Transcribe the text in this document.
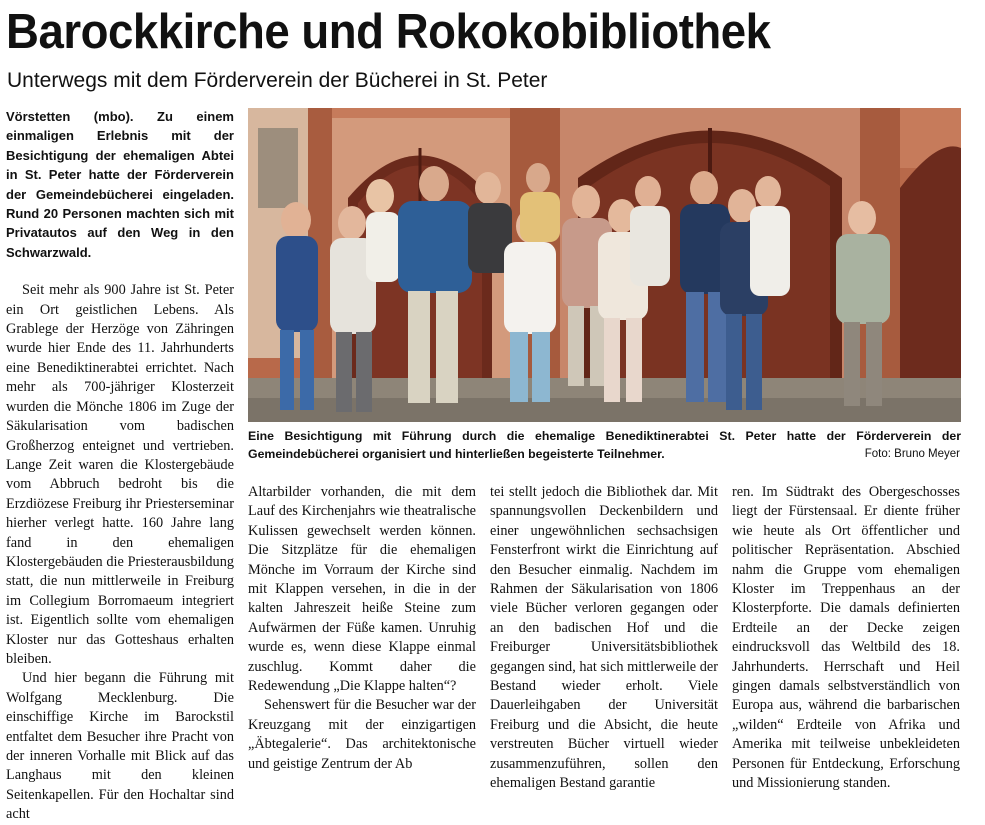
Barockkirche und Rokokobibliothek
Unterwegs mit dem Förderverein der Bücherei in St. Peter

Vörstetten (mbo). Zu einem einmaligen Erlebnis mit der Besichtigung der ehemaligen Abtei in St. Peter hatte der Förderverein der Gemeindebücherei eingeladen. Rund 20 Personen machten sich mit Privatautos auf den Weg in den Schwarzwald.

Seit mehr als 900 Jahre ist St. Peter ein Ort geistlichen Lebens. Als Grablege der Herzöge von Zähringen wurde hier Ende des 11. Jahrhunderts eine Benediktinerabtei errichtet. Nach mehr als 700-jähriger Klosterzeit wurden die Mönche 1806 im Zuge der Säkularisation vom badischen Großherzog enteignet und vertrieben. Lange Zeit waren die Klostergebäude vom Abbruch bedroht bis die Erzdiözese Freiburg ihr Priesterseminar hierher verlegt hatte. 160 Jahre lang fand in den ehemaligen Klostergebäuden die Priesterausbildung statt, die nun mittlerweile in Freiburg im Collegium Borromaeum integriert ist. Eigentlich sollte vom ehemaligen Kloster nur das Gotteshaus erhalten bleiben.

Und hier begann die Führung mit Wolfgang Mecklenburg. Die einschiffige Kirche im Barockstil entfaltet dem Besucher ihre Pracht von der inneren Vorhalle mit Blick auf das Langhaus mit den kleinen Seitenkapellen. Für den Hochaltar sind acht

Eine Besichtigung mit Führung durch die ehemalige Benediktinerabtei St. Peter hatte der Förderverein der Gemeindebücherei organisiert und hinterließen begeisterte Teilnehmer.	Foto: Bruno Meyer

Altarbilder vorhanden, die mit dem Lauf des Kirchenjahrs wie theatralische Kulissen gewechselt werden können. Die Sitzplätze für die ehemaligen Mönche im Vorraum der Kirche sind mit Klappen versehen, in die in der kalten Jahreszeit heiße Steine zum Aufwärmen der Füße kamen. Unruhig wurde es, wenn diese Klappe einmal zuschlug. Kommt daher die Redewendung „Die Klappe halten“?

Sehenswert für die Besucher war der Kreuzgang mit der einzigartigen „Äbtegalerie“. Das architektonische und geistige Zentrum der Ab

tei stellt jedoch die Bibliothek dar. Mit spannungsvollen Deckenbildern und einer ungewöhnlichen sechsachsigen Fensterfront wirkt die Einrichtung auf den Besucher einmalig. Nachdem im Rahmen der Säkularisation von 1806 viele Bücher verloren gegangen oder an den badischen Hof und die Freiburger Universitätsbibliothek gegangen sind, hat sich mittlerweile der Bestand wieder erholt. Viele Dauerleihgaben der Universität Freiburg und die Absicht, die heute verstreuten Bücher virtuell wieder zusammenzuführen, sollen den ehemaligen Bestand garantie

ren. Im Südtrakt des Obergeschosses liegt der Fürstensaal. Er diente früher wie heute als Ort öffentlicher und politischer Repräsentation. Abschied nahm die Gruppe vom ehemaligen Kloster im Treppenhaus an der Klosterpforte. Die damals definierten Erdteile an der Decke zeigen eindrucksvoll das Weltbild des 18. Jahrhunderts. Herrschaft und Heil gingen damals selbstverständlich von Europa aus, während die barbarischen „wilden“ Erdteile von Afrika und Amerika mit teilweise unbekleideten Personen für Entdeckung, Erforschung und Missionierung standen.
